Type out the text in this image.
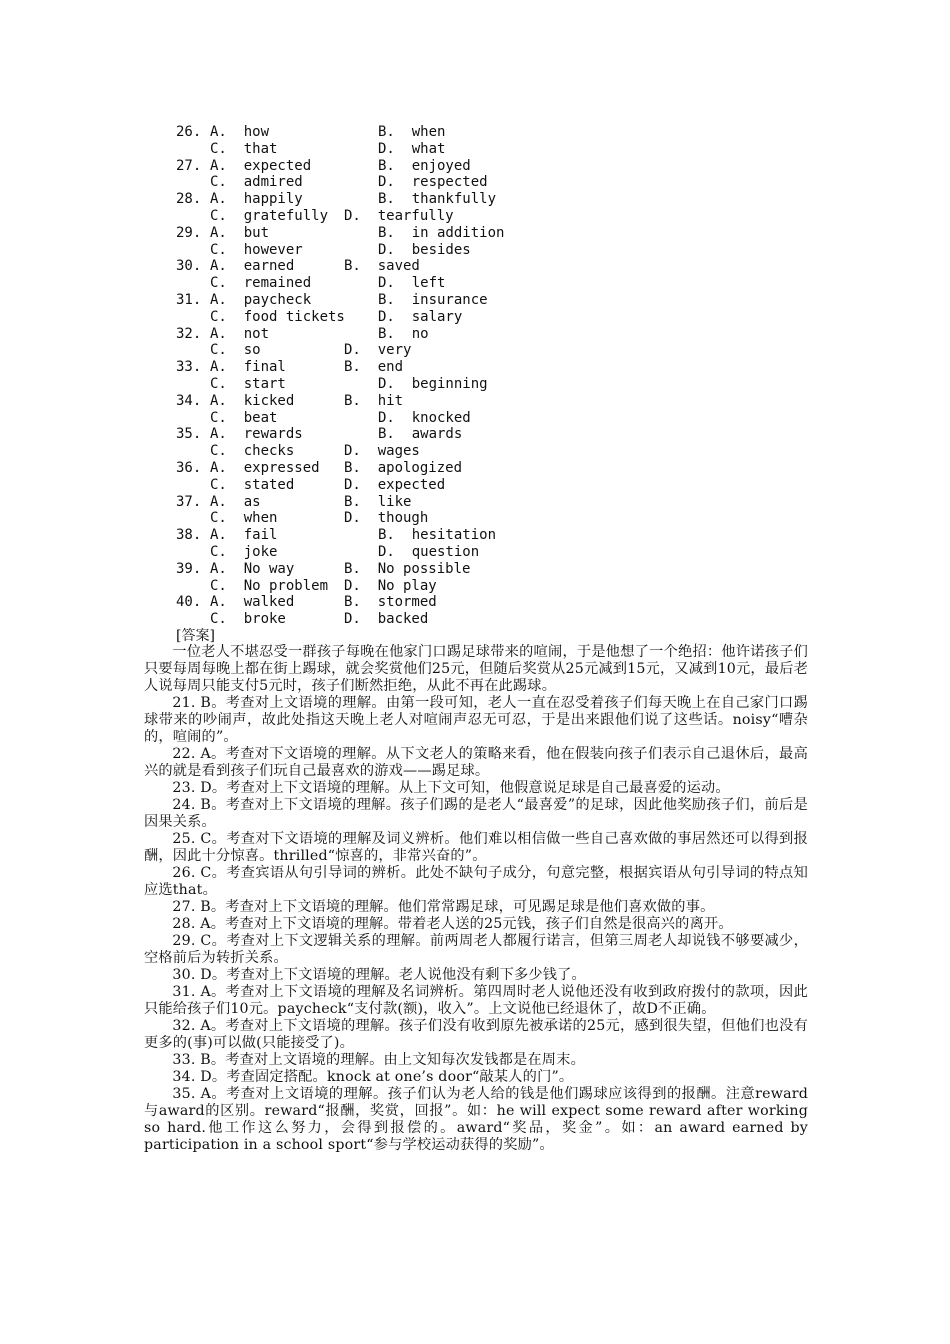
26. A.  how	B.  when
C.  that	D.  what
27. A.  expected	B.  enjoyed
C.  admired	D.  respected
28. A.  happily	B.  thankfully
C.  gratefully D.  tearfully
29. A.  but	B.  in addition
C.  however	D.  besides
30. A.  earned	B.  saved
C.  remained	D.  left
31. A.  paycheck	B.  insurance
C.  food tickets D.  salary
32. A.  not	B.  no
C.  so	D.  very
33. A.  final	B.  end
C.  start	D.  beginning
34. A.  kicked	B.  hit
C.  beat	D.  knocked
35. A.  rewards	B.  awards
C.  checks	D.  wages
36. A.  expressed B.  apologized
C.  stated	D.  expected
37. A.  as	B.  like
C.  when	D.  though
38. A.  fail	B.  hesitation
C.  joke	D.  question
39. A.  No way	B.  No possible
C.  No problem D.  No play
40. A.  walked	B.  stormed
C.  broke	D.  backed
[答案]

一位老人不堪忍受一群孩子每晚在他家门口踢足球带来的喧闹，于是他想了一个绝招：他许诺孩子们只要每周每晚上都在街上踢球，就会奖赏他们25元，但随后奖赏从25元减到15元，又减到10元，最后老人说每周只能支付5元时，孩子们断然拒绝，从此不再在此踢球。

21. B。考查对上文语境的理解。由第一段可知，老人一直在忍受着孩子们每天晚上在自己家门口踢球带来的吵闹声，故此处指这天晚上老人对喧闹声忍无可忍，于是出来跟他们说了这些话。noisy“嘈杂的，喧闹的”。

22. A。考查对下文语境的理解。从下文老人的策略来看，他在假装向孩子们表示自己退休后，最高兴的就是看到孩子们玩自己最喜欢的游戏——踢足球。

23. D。考查对上下文语境的理解。从上下文可知，他假意说足球是自己最喜爱的运动。

24. B。考查对上下文语境的理解。孩子们踢的是老人“最喜爱”的足球，因此他奖励孩子们，前后是因果关系。

25. C。考查对下文语境的理解及词义辨析。他们难以相信做一些自己喜欢做的事居然还可以得到报酬，因此十分惊喜。thrilled“惊喜的，非常兴奋的”。

26. C。考查宾语从句引导词的辨析。此处不缺句子成分，句意完整，根据宾语从句引导词的特点知应选that。

27. B。考查对上下文语境的理解。他们常常踢足球，可见踢足球是他们喜欢做的事。

28. A。考查对上下文语境的理解。带着老人送的25元钱，孩子们自然是很高兴的离开。

29. C。考查对上下文逻辑关系的理解。前两周老人都履行诺言，但第三周老人却说钱不够要减少，空格前后为转折关系。

30. D。考查对上下文语境的理解。老人说他没有剩下多少钱了。

31. A。考查对上下文语境的理解及名词辨析。第四周时老人说他还没有收到政府拨付的款项，因此只能给孩子们10元。paycheck“支付款(额)，收入”。上文说他已经退休了，故D不正确。

32. A。考查对上下文语境的理解。孩子们没有收到原先被承诺的25元，感到很失望，但他们也没有更多的(事)可以做(只能接受了)。

33. B。考查对上文语境的理解。由上文知每次发钱都是在周末。

34. D。考查固定搭配。knock at one’s door“敲某人的门”。

35. A。考查对上文语境的理解。孩子们认为老人给的钱是他们踢球应该得到的报酬。注意reward与award的区别。reward“报酬，奖赏，回报”。如：he will expect some reward after working so hard.他工作这么努力，会得到报偿的。award“奖品，奖金”。如：an award earned by participation in a school sport“参与学校运动获得的奖励”。
